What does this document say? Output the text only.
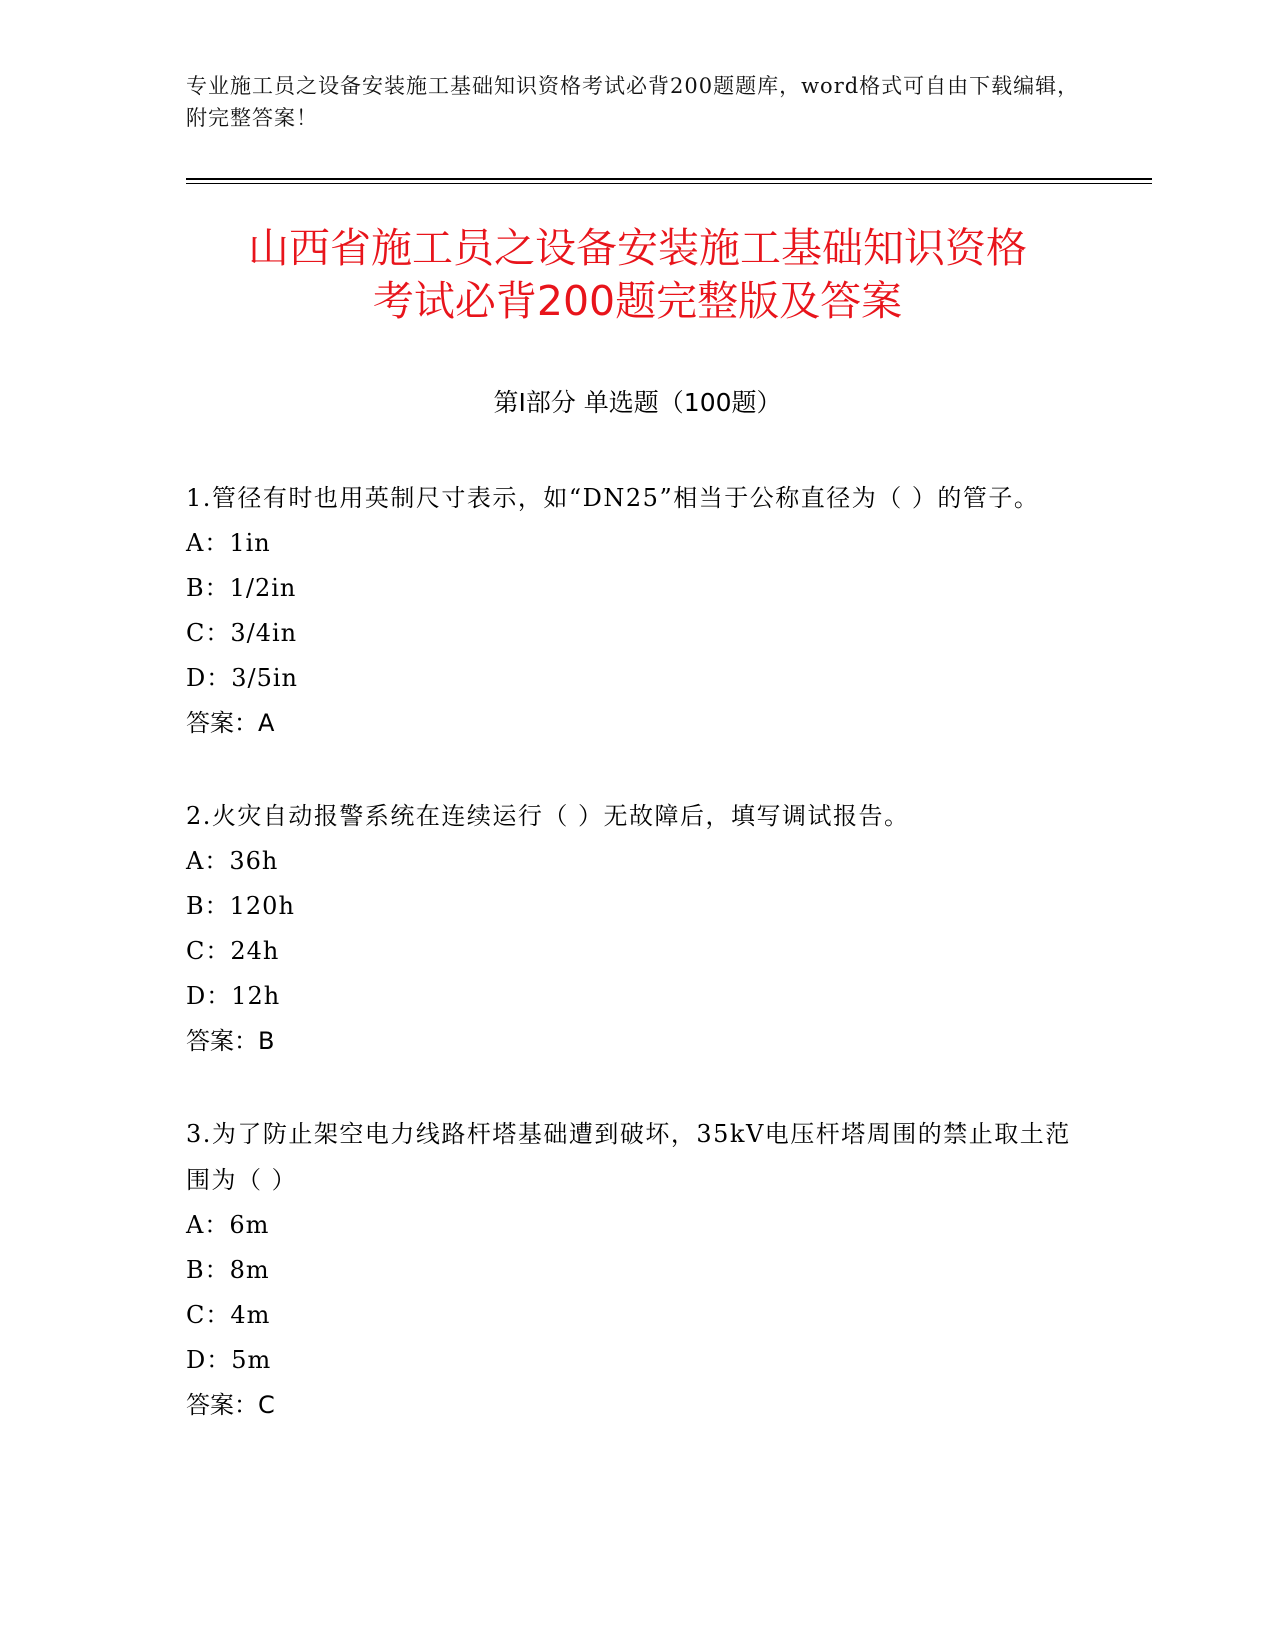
专业施工员之设备安装施工基础知识资格考试必背200题题库，word格式可自由下载编辑，附完整答案！
山西省施工员之设备安装施工基础知识资格
考试必背200题完整版及答案
第Ⅰ部分 单选题（100题）

1.管径有时也用英制尺寸表示，如“DN25”相当于公称直径为（ ）的管子。

A：1in
B：1/2in
C：3/4in
D：3/5in
答案：A

2.火灾自动报警系统在连续运行（ ）无故障后，填写调试报告。

A：36h
B：120h
C：24h
D：12h
答案：B

3.为了防止架空电力线路杆塔基础遭到破坏，35kV电压杆塔周围的禁止取土范围为（ ）

A：6m
B：8m
C：4m
D：5m
答案：C
